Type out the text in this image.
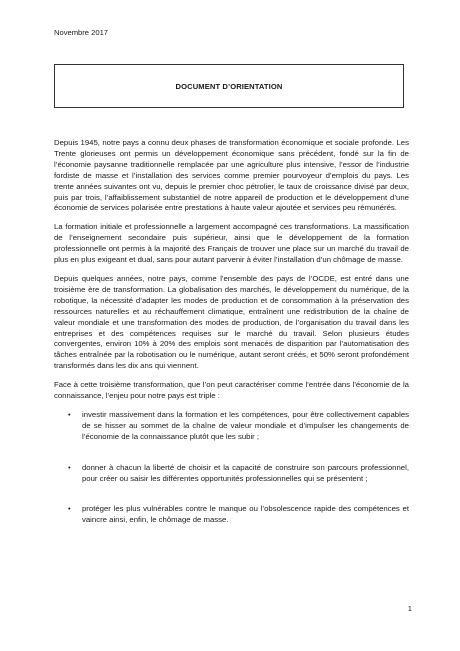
Novembre 2017
DOCUMENT D’ORIENTATION

Depuis 1945, notre pays a connu deux phases de transformation économique et sociale profonde. Les Trente glorieuses ont permis un développement économique sans précédent, fondé sur la fin de l’économie paysanne traditionnelle remplacée par une agriculture plus intensive, l’essor de l’industrie fordiste de masse et l’installation des services comme premier pourvoyeur d’emplois du pays. Les trente années suivantes ont vu, depuis le premier choc pétrolier, le taux de croissance divisé par deux, puis par trois, l’affaiblissement substantiel de notre appareil de production et le développement d’une économie de services polarisée entre prestations à haute valeur ajoutée et services peu rémunérés.

La formation initiale et professionnelle a largement accompagné ces transformations. La massification de l’enseignement secondaire puis supérieur, ainsi que le développement de la formation professionnelle ont permis à la majorité des Français de trouver une place sur un marché du travail de plus en plus exigeant et dual, sans pour autant parvenir à éviter l’installation d’un chômage de masse.

Depuis quelques années, notre pays, comme l'ensemble des pays de l’OCDE, est entré dans une troisième ère de transformation. La globalisation des marchés, le développement du numérique, de la robotique, la nécessité d’adapter les modes de production et de consommation à la préservation des ressources naturelles et au réchauffement climatique, entraînent une redistribution de la chaîne de valeur mondiale et une transformation des modes de production, de l’organisation du travail dans les entreprises et des compétences requises sur le marché du travail. Selon plusieurs études convergentes, environ 10% à 20% des emplois sont menacés de disparition par l’automatisation des tâches entraînée par la robotisation ou le numérique, autant seront créés, et 50% seront profondément transformés dans les dix ans qui viennent.

Face à cette troisième transformation, que l’on peut caractériser comme l’entrée dans l’économie de la connaissance, l’enjeu pour notre pays est triple :

• investir massivement dans la formation et les compétences, pour être collectivement capables de se hisser au sommet de la chaîne de valeur mondiale et d’impulser les changements de l’économie de la connaissance plutôt que les subir ;
• donner à chacun la liberté de choisir et la capacité de construire son parcours professionnel, pour créer ou saisir les différentes opportunités professionnelles qui se présentent ;
• protéger les plus vulnérables contre le manque ou l’obsolescence rapide des compétences et vaincre ainsi, enfin, le chômage de masse.
1
